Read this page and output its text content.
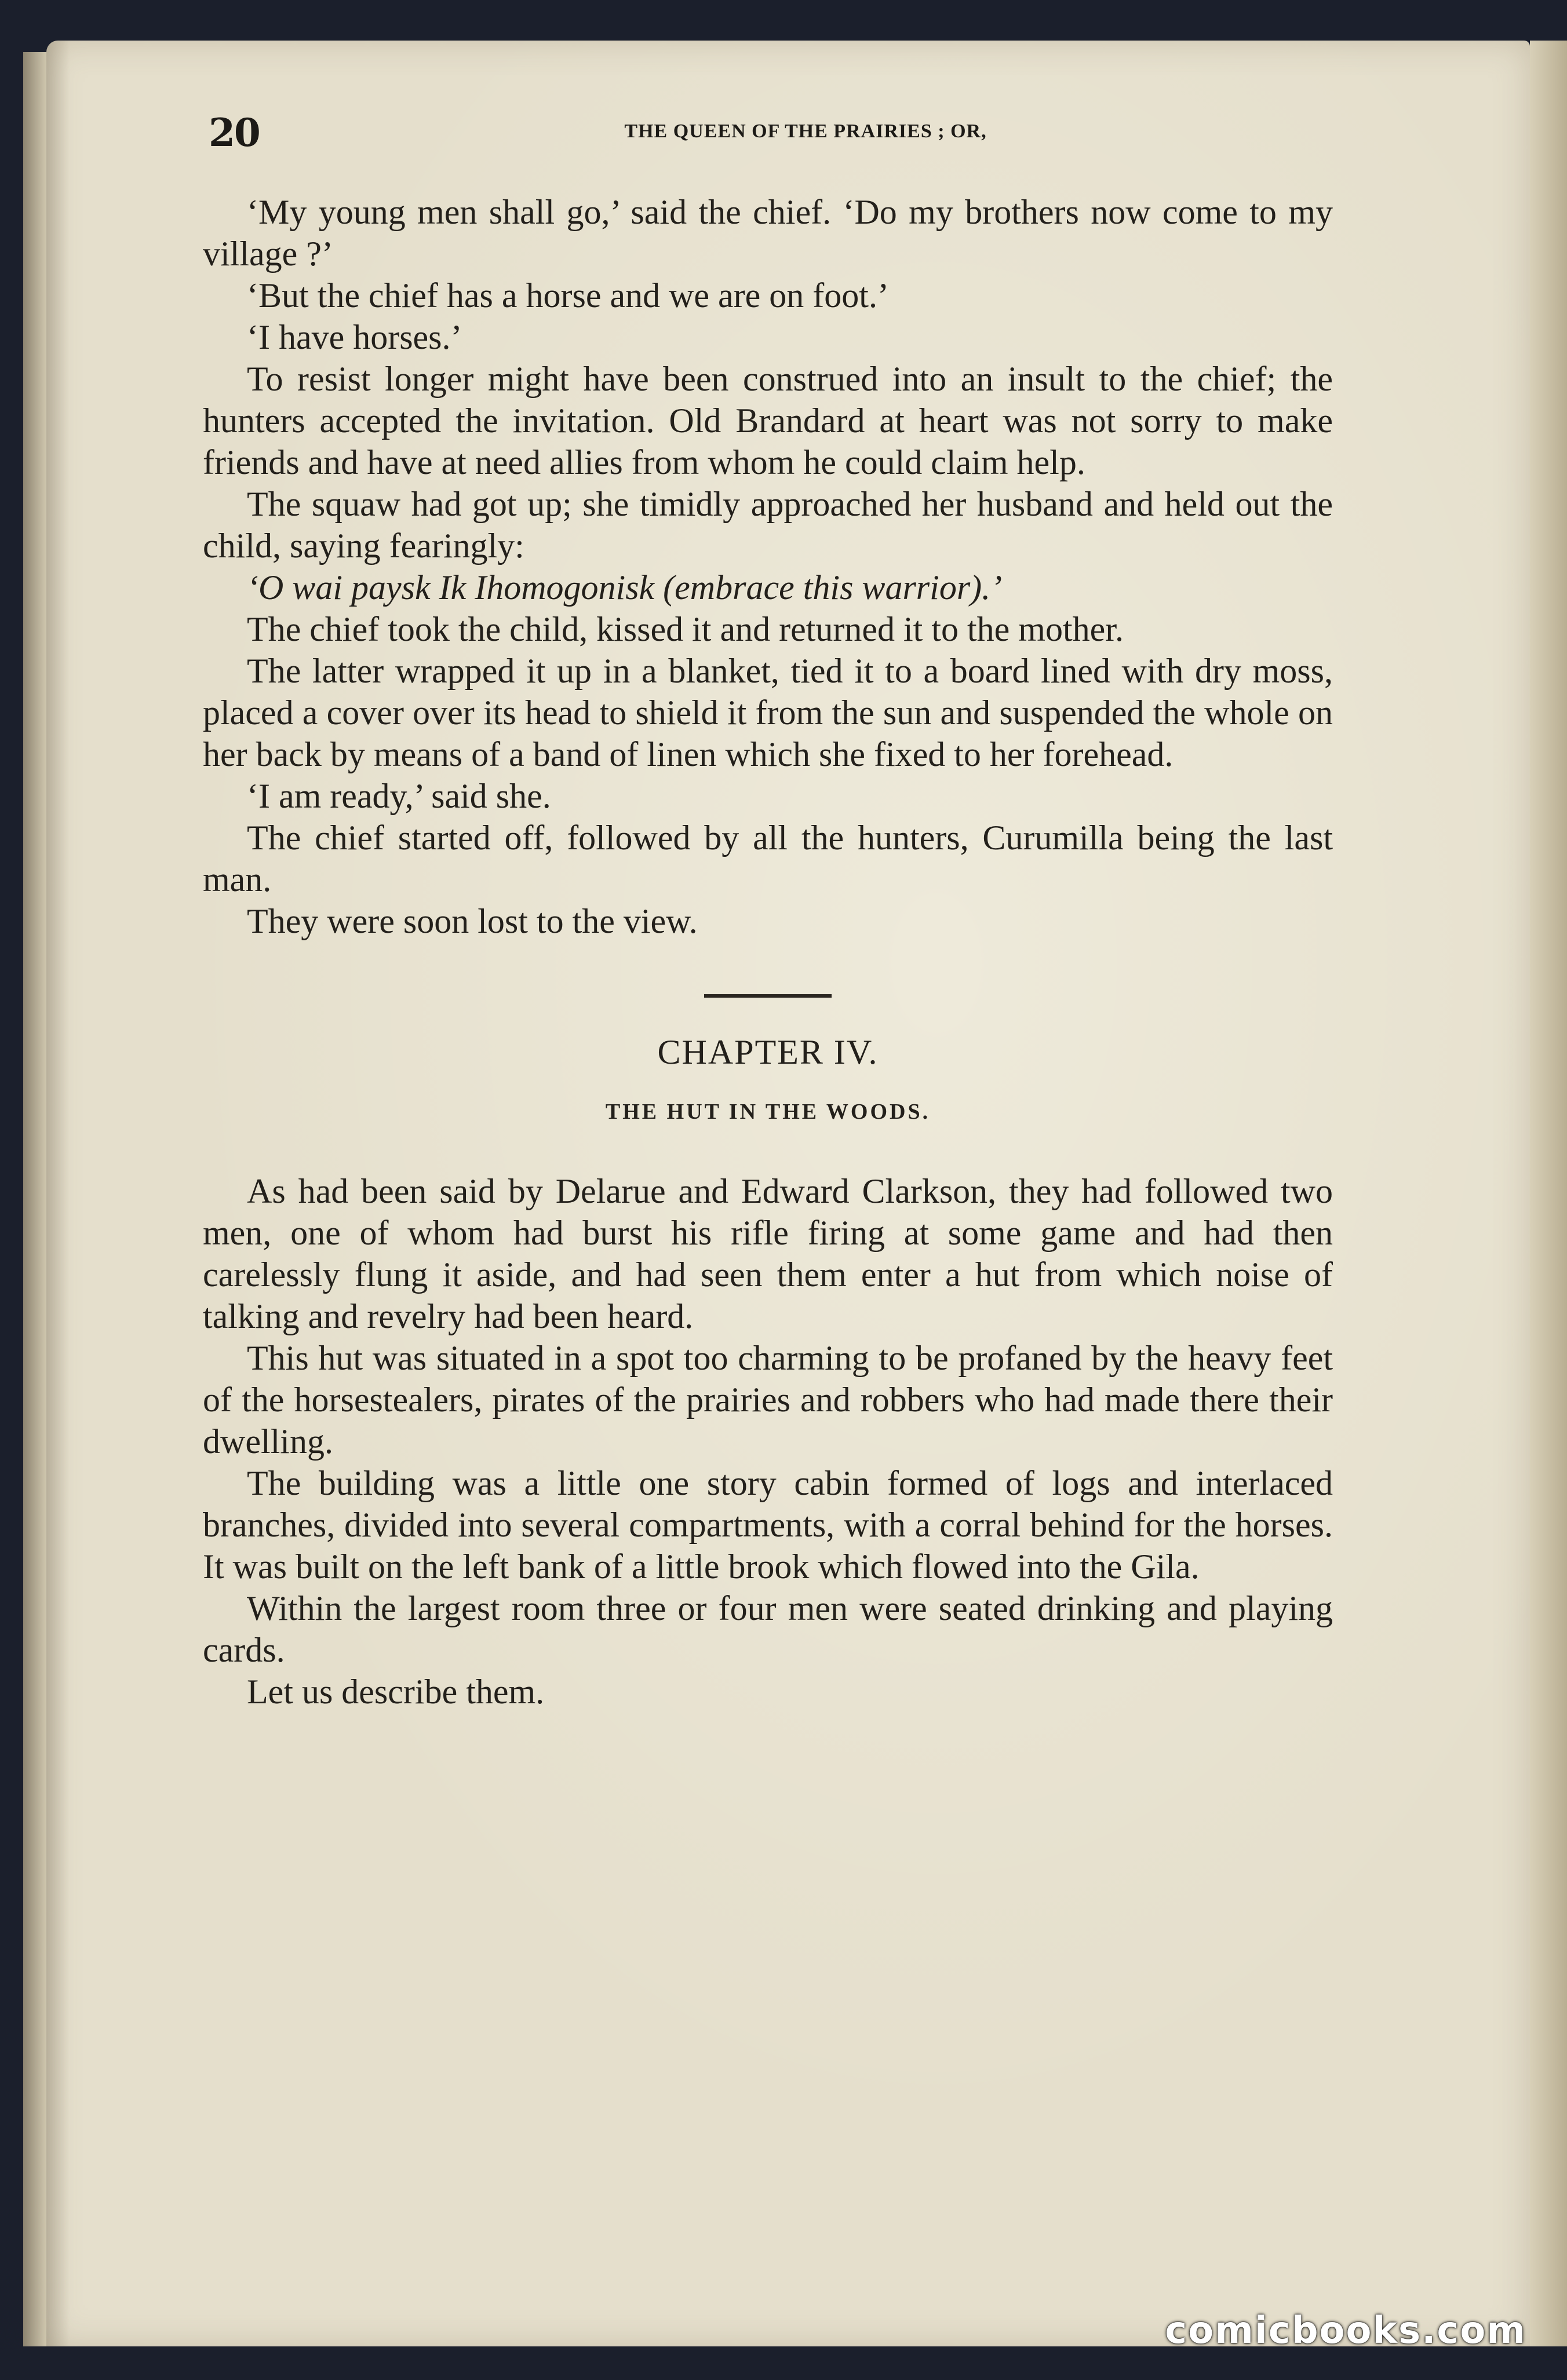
20	THE QUEEN OF THE PRAIRIES ; OR,

‘My young men shall go,’ said the chief. ‘Do my brothers now come to my village ?’

‘But the chief has a horse and we are on foot.’

‘I have horses.’

To resist longer might have been construed into an insult to the chief; the hunters accepted the invitation. Old Brandard at heart was not sorry to make friends and have at need allies from whom he could claim help.

The squaw had got up; she timidly approached her husband and held out the child, saying fearingly:

‘O wai paysk Ik Ihomogonisk (embrace this warrior).’

The chief took the child, kissed it and returned it to the mother.

The latter wrapped it up in a blanket, tied it to a board lined with dry moss, placed a cover over its head to shield it from the sun and suspended the whole on her back by means of a band of linen which she fixed to her forehead.

‘I am ready,’ said she.

The chief started off, followed by all the hunters, Curumilla being the last man.

They were soon lost to the view.

CHAPTER IV.
THE HUT IN THE WOODS.

As had been said by Delarue and Edward Clarkson, they had followed two men, one of whom had burst his rifle firing at some game and had then carelessly flung it aside, and had seen them enter a hut from which noise of talking and revelry had been heard.

This hut was situated in a spot too charming to be profaned by the heavy feet of the horsestealers, pirates of the prairies and robbers who had made there their dwelling.

The building was a little one story cabin formed of logs and interlaced branches, divided into several compartments, with a corral behind for the horses. It was built on the left bank of a little brook which flowed into the Gila.

Within the largest room three or four men were seated drinking and playing cards.

Let us describe them.

comicbooks.com
